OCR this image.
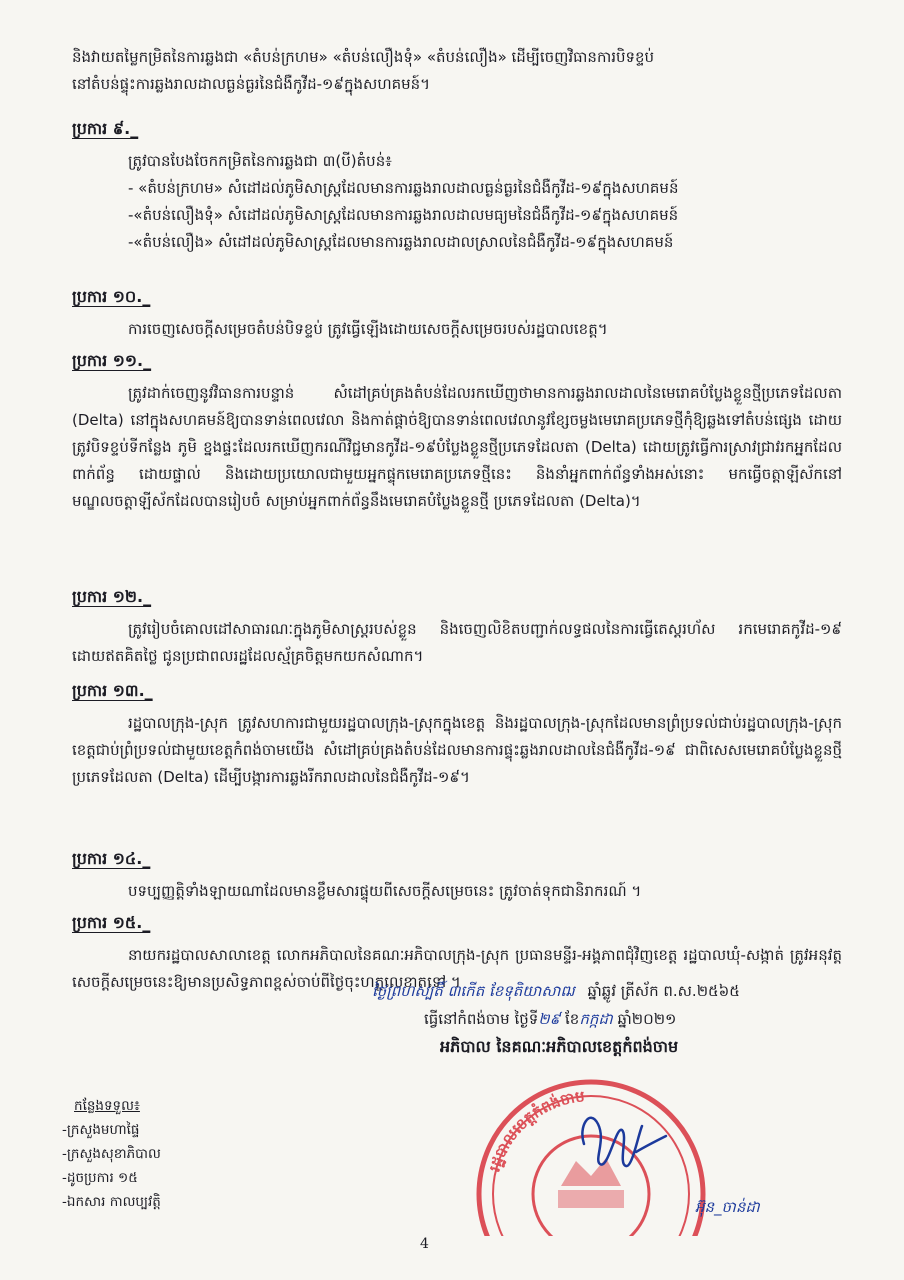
និងវាយតម្លៃកម្រិតនៃការឆ្លងជា «តំបន់ក្រហម» «តំបន់លឿងទុំ» «តំបន់លឿង» ដើម្បីចេញវិធានការបិទខ្ទប់

នៅតំបន់ផ្ទុះការឆ្លងរាលដាលធ្ងន់ធ្ងរនៃជំងឺកូវីដ-១៩ក្នុងសហគមន៍។

ប្រការ ៩._

ត្រូវបានបែងចែកកម្រិតនៃការឆ្លងជា ៣(បី)តំបន់៖

- «តំបន់ក្រហម» សំដៅដល់ភូមិសាស្ត្រដែលមានការឆ្លងរាលដាលធ្ងន់ធ្ងរនៃជំងឺកូវីដ-១៩ក្នុងសហគមន៍

-«តំបន់លឿងទុំ» សំដៅដល់ភូមិសាស្ត្រដែលមានការឆ្លងរាលដាលមធ្យមនៃជំងឺកូវីដ-១៩ក្នុងសហគមន៍

-«តំបន់លឿង» សំដៅដល់ភូមិសាស្ត្រដែលមានការឆ្លងរាលដាលស្រាលនៃជំងឺកូវីដ-១៩ក្នុងសហគមន៍

ប្រការ ១០._

ការចេញសេចក្តីសម្រេចតំបន់បិទខ្ទប់ ត្រូវធ្វើឡើងដោយសេចក្តីសម្រេចរបស់រដ្ឋបាលខេត្ត។

ប្រការ ១១._

ត្រូវដាក់ចេញនូវវិធានការបន្ទាន់ សំដៅគ្រប់គ្រងតំបន់ដែលរកឃើញថាមានការឆ្លងរាលដាលនៃមេរោគបំប្លែងខ្លួនថ្មីប្រភេទដែលតា (Delta) នៅក្នុងសហគមន៍ឱ្យបានទាន់ពេលវេលា និងកាត់ផ្តាច់ឱ្យបានទាន់ពេលវេលានូវខ្សែចម្លងមេរោគប្រភេទថ្មីកុំឱ្យឆ្លងទៅតំបន់ផ្សេង ដោយត្រូវបិទខ្ទប់ទីកន្លែង ភូមិ ខ្នងផ្ទះដែលរកឃើញករណីវិជ្ជមានកូវីដ-១៩បំប្លែងខ្លួនថ្មីប្រភេទដែលតា (Delta) ដោយត្រូវធ្វើការស្រាវជ្រាវរកអ្នកដែលពាក់ព័ន្ធ ដោយផ្ទាល់ និងដោយប្រយោលជាមួយអ្នកផ្ទុកមេរោគប្រភេទថ្មីនេះ និងនាំអ្នកពាក់ព័ន្ធទាំងអស់នោះ មកធ្វើចត្តាឡីស័កនៅមណ្ឌលចត្តាឡីស័កដែលបានរៀបចំ សម្រាប់អ្នកពាក់ព័ន្ធនឹងមេរោគបំប្លែងខ្លួនថ្មី ប្រភេទដែលតា (Delta)។

ប្រការ ១២._

ត្រូវរៀបចំគោលដៅសាធារណៈក្នុងភូមិសាស្ត្ររបស់ខ្លួន និងចេញលិខិតបញ្ជាក់លទ្ធផលនៃការធ្វើតេស្តរហ័ស រកមេរោគកូវីដ-១៩ ដោយឥតគិតថ្លៃ ជូនប្រជាពលរដ្ឋដែលស្ម័គ្រចិត្តមកយកសំណាក។

ប្រការ ១៣._

រដ្ឋបាលក្រុង-ស្រុក ត្រូវសហការជាមួយរដ្ឋបាលក្រុង-ស្រុកក្នុងខេត្ត និងរដ្ឋបាលក្រុង-ស្រុកដែលមានព្រំប្រទល់ជាប់រដ្ឋបាលក្រុង-ស្រុក ខេត្តជាប់ព្រំប្រទល់ជាមួយខេត្តកំពង់ចាមយើង សំដៅគ្រប់គ្រងតំបន់ដែលមានការផ្ទុះឆ្លងរាលដាលនៃជំងឺកូវីដ-១៩ ជាពិសេសមេរោគបំប្លែងខ្លួនថ្មី ប្រភេទដែលតា (Delta) ដើម្បីបង្ការការឆ្លងរីករាលដាលនៃជំងឺកូវីដ-១៩។

ប្រការ ១៤._

បទប្បញ្ញត្តិទាំងឡាយណាដែលមានខ្លឹមសារផ្ទុយពីសេចក្តីសម្រេចនេះ ត្រូវចាត់ទុកជានិរាករណ៍ ។

ប្រការ ១៥._

នាយករដ្ឋបាលសាលាខេត្ត លោកអភិបាលនៃគណៈអភិបាលក្រុង-ស្រុក ប្រធានមន្ទីរ-អង្គភាពជុំវិញខេត្ត រដ្ឋបាលឃុំ-សង្កាត់ ត្រូវអនុវត្តសេចក្តីសម្រេចនេះឱ្យមានប្រសិទ្ធភាពខ្ពស់ចាប់ពីថ្ងៃចុះហត្ថលេខាតទៅ ។

ថ្ងៃព្រហស្បតិ៍ ៣កើត ខែទុតិយាសាឍ ឆ្នាំឆ្លូវ ត្រីស័ក ព.ស.២៥៦៥
ធ្វើនៅកំពង់ចាម ថ្ងៃទី២៩ ខែកក្កដា ឆ្នាំ២០២១
អភិបាល នៃគណៈអភិបាលខេត្តកំពង់ចាម
កន្លែងទទួល៖
-ក្រសួងមហាផ្ទៃ
-ក្រសួងសុខាភិបាល
-ដូចប្រការ ១៥
-ឯកសារ កាលប្បវត្តិ
រដ្ឋបាលខេត្តកំពង់ចាម
អ៊ុន_ចាន់ដា
4
